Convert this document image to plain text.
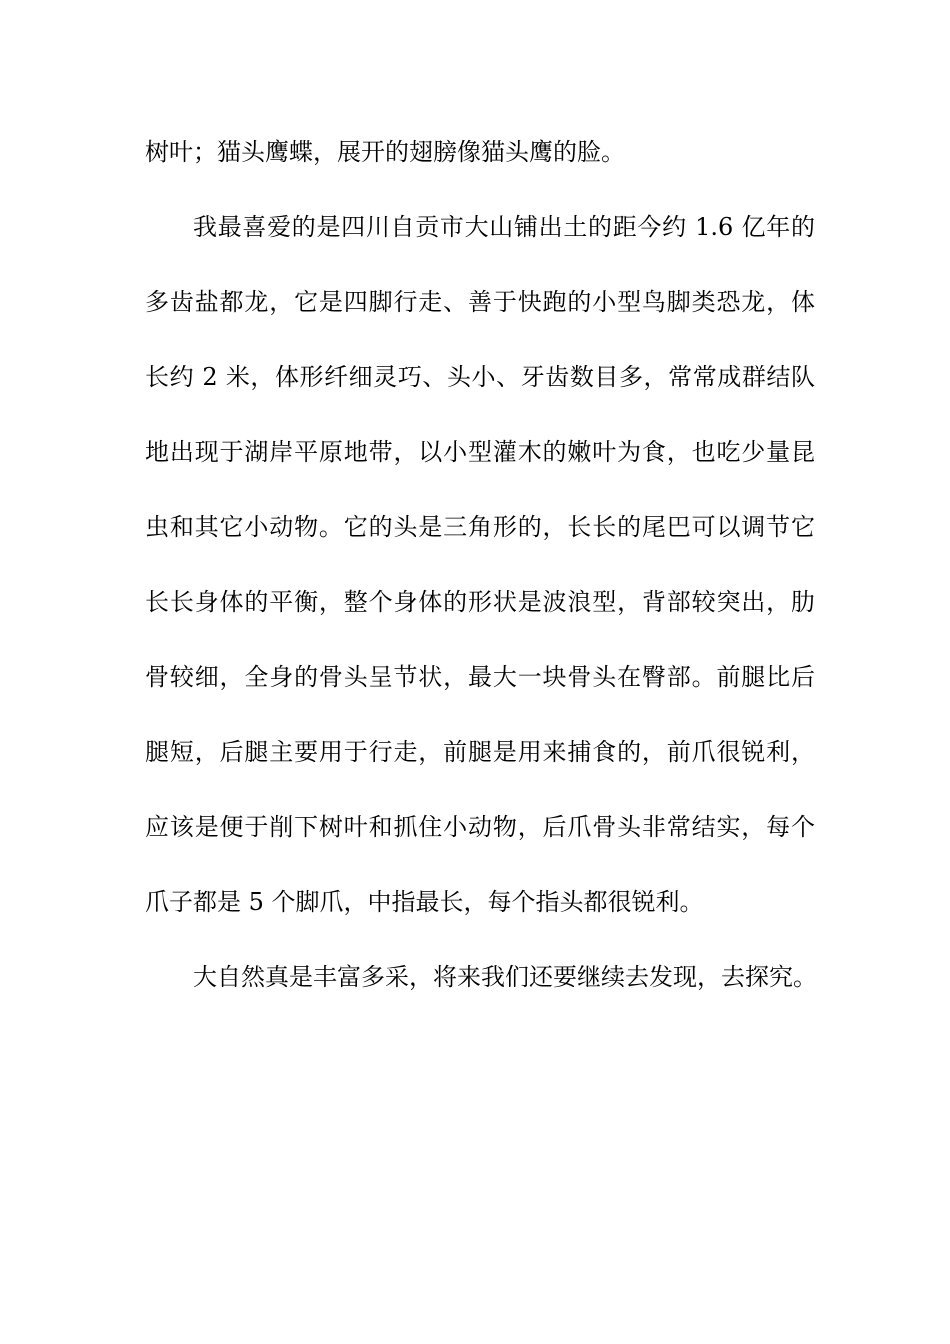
树叶；猫头鹰蝶，展开的翅膀像猫头鹰的脸。
我最喜爱的是四川自贡市大山铺出土的距今约 1.6 亿年的
多齿盐都龙，它是四脚行走、善于快跑的小型鸟脚类恐龙，体
长约 2 米，体形纤细灵巧、头小、牙齿数目多，常常成群结队
地出现于湖岸平原地带，以小型灌木的嫩叶为食，也吃少量昆
虫和其它小动物。它的头是三角形的，长长的尾巴可以调节它
长长身体的平衡，整个身体的形状是波浪型，背部较突出，肋
骨较细，全身的骨头呈节状，最大一块骨头在臀部。前腿比后
腿短，后腿主要用于行走，前腿是用来捕食的，前爪很锐利，
应该是便于削下树叶和抓住小动物，后爪骨头非常结实，每个
爪子都是 5 个脚爪，中指最长，每个指头都很锐利。
大自然真是丰富多采，将来我们还要继续去发现，去探究。
